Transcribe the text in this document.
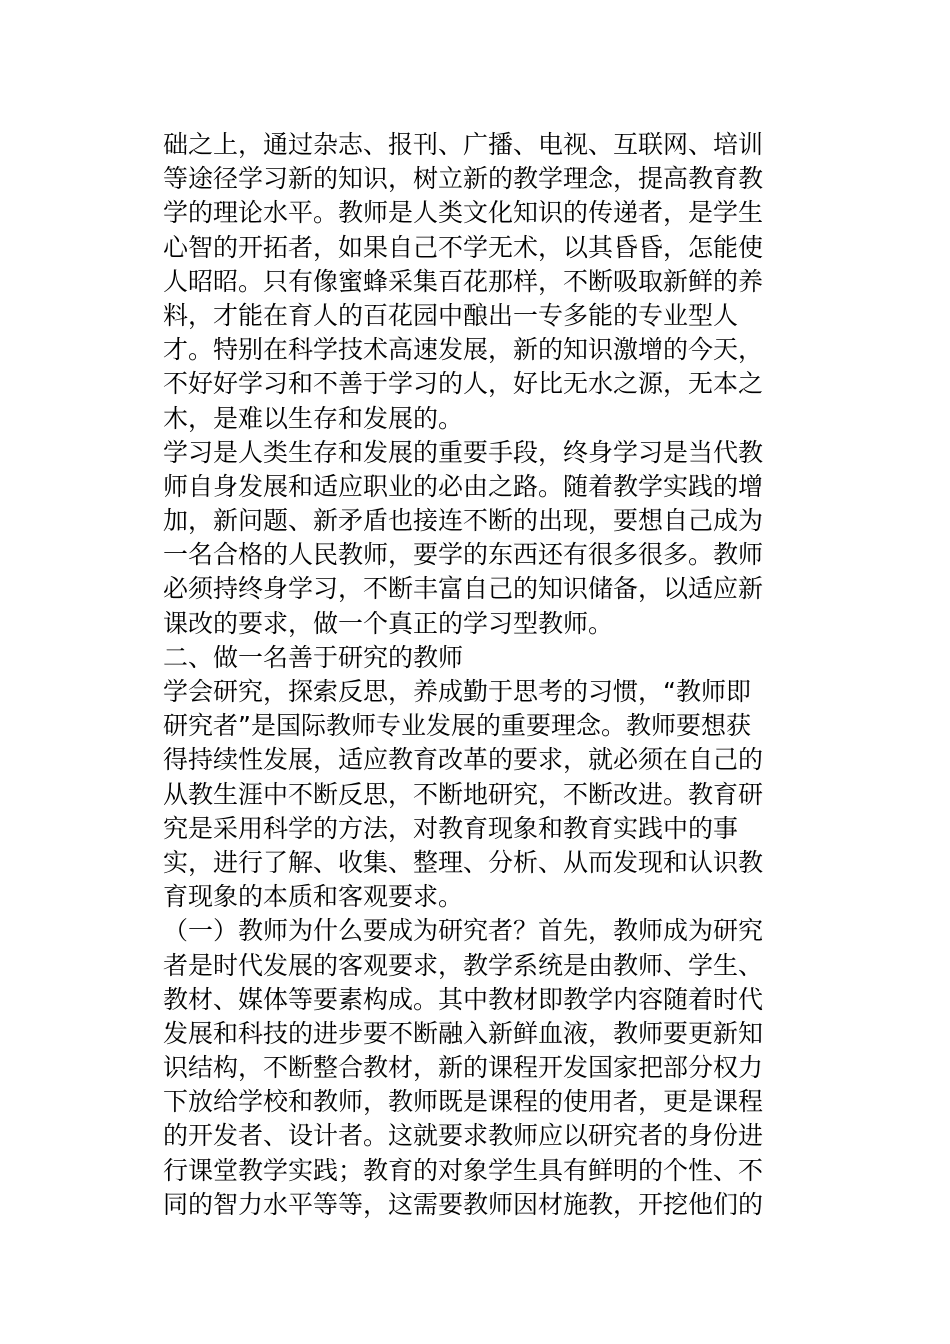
础之上，通过杂志、报刊、广播、电视、互联网、培训
等途径学习新的知识，树立新的教学理念，提高教育教
学的理论水平。教师是人类文化知识的传递者，是学生
心智的开拓者，如果自己不学无术，以其昏昏，怎能使
人昭昭。只有像蜜蜂采集百花那样，不断吸取新鲜的养
料，才能在育人的百花园中酿出一专多能的专业型人
才。特别在科学技术高速发展，新的知识激增的今天，
不好好学习和不善于学习的人，好比无水之源，无本之
木，是难以生存和发展的。
学习是人类生存和发展的重要手段，终身学习是当代教
师自身发展和适应职业的必由之路。随着教学实践的增
加，新问题、新矛盾也接连不断的出现，要想自己成为
一名合格的人民教师，要学的东西还有很多很多。教师
必须持终身学习，不断丰富自己的知识储备，以适应新
课改的要求，做一个真正的学习型教师。
二、做一名善于研究的教师
学会研究，探索反思，养成勤于思考的习惯，“教师即
研究者”是国际教师专业发展的重要理念。教师要想获
得持续性发展，适应教育改革的要求，就必须在自己的
从教生涯中不断反思，不断地研究，不断改进。教育研
究是采用科学的方法，对教育现象和教育实践中的事
实，进行了解、收集、整理、分析、从而发现和认识教
育现象的本质和客观要求。
（一）教师为什么要成为研究者？首先，教师成为研究
者是时代发展的客观要求，教学系统是由教师、学生、
教材、媒体等要素构成。其中教材即教学内容随着时代
发展和科技的进步要不断融入新鲜血液，教师要更新知
识结构，不断整合教材，新的课程开发国家把部分权力
下放给学校和教师，教师既是课程的使用者，更是课程
的开发者、设计者。这就要求教师应以研究者的身份进
行课堂教学实践；教育的对象学生具有鲜明的个性、不
同的智力水平等等，这需要教师因材施教，开挖他们的
